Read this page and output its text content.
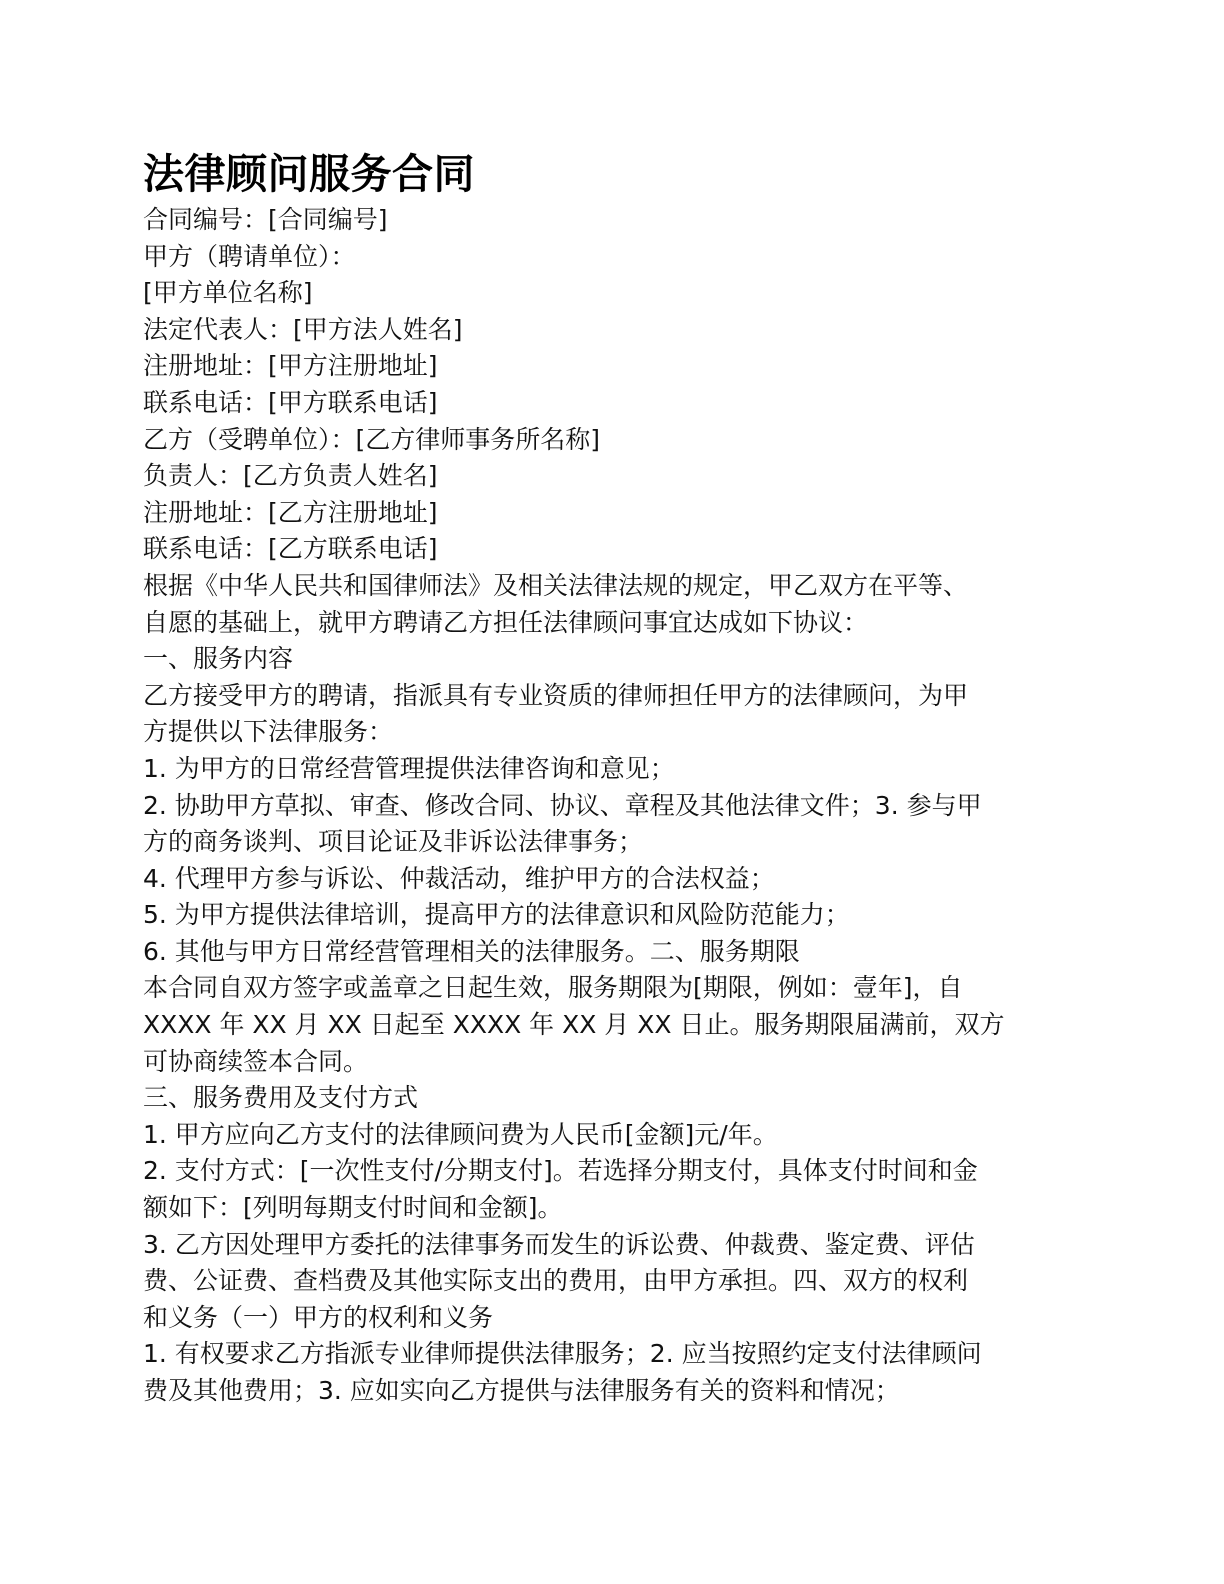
法律顾问服务合同
合同编号：[合同编号]
甲方（聘请单位）：
[甲方单位名称]
法定代表人：[甲方法人姓名]
注册地址：[甲方注册地址]
联系电话：[甲方联系电话]
乙方（受聘单位）：[乙方律师事务所名称]
负责人：[乙方负责人姓名]
注册地址：[乙方注册地址]
联系电话：[乙方联系电话]
根据《中华人民共和国律师法》及相关法律法规的规定，甲乙双方在平等、
自愿的基础上，就甲方聘请乙方担任法律顾问事宜达成如下协议：
一、服务内容
乙方接受甲方的聘请，指派具有专业资质的律师担任甲方的法律顾问，为甲
方提供以下法律服务：
1. 为甲方的日常经营管理提供法律咨询和意见；
2. 协助甲方草拟、审查、修改合同、协议、章程及其他法律文件；3. 参与甲
方的商务谈判、项目论证及非诉讼法律事务；
4. 代理甲方参与诉讼、仲裁活动，维护甲方的合法权益；
5. 为甲方提供法律培训，提高甲方的法律意识和风险防范能力；
6. 其他与甲方日常经营管理相关的法律服务。二、服务期限
本合同自双方签字或盖章之日起生效，服务期限为[期限，例如：壹年]，自
XXXX 年 XX 月 XX 日起至 XXXX 年 XX 月 XX 日止。服务期限届满前，双方
可协商续签本合同。
三、服务费用及支付方式
1. 甲方应向乙方支付的法律顾问费为人民币[金额]元/年。
2. 支付方式：[一次性支付/分期支付]。若选择分期支付，具体支付时间和金
额如下：[列明每期支付时间和金额]。
3. 乙方因处理甲方委托的法律事务而发生的诉讼费、仲裁费、鉴定费、评估
费、公证费、查档费及其他实际支出的费用，由甲方承担。四、双方的权利
和义务（一）甲方的权利和义务
1. 有权要求乙方指派专业律师提供法律服务；2. 应当按照约定支付法律顾问
费及其他费用；3. 应如实向乙方提供与法律服务有关的资料和情况；
